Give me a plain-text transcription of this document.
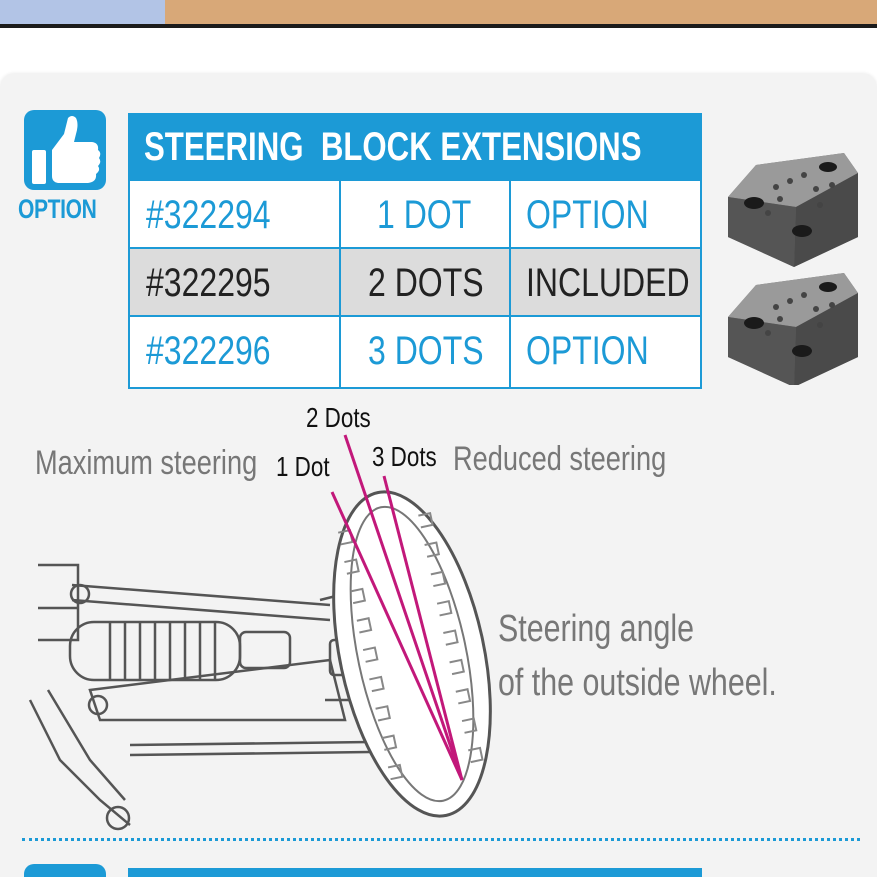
OPTION
STEERING  BLOCK EXTENSIONS
#322294	1 DOT OPTION
#322295 2 DOTS INCLUDED
#322296 3 DOTS OPTION
Maximum steering	Reduced steering
1 Dot
2 Dots
3 Dots
Steering angle
of the outside wheel.
